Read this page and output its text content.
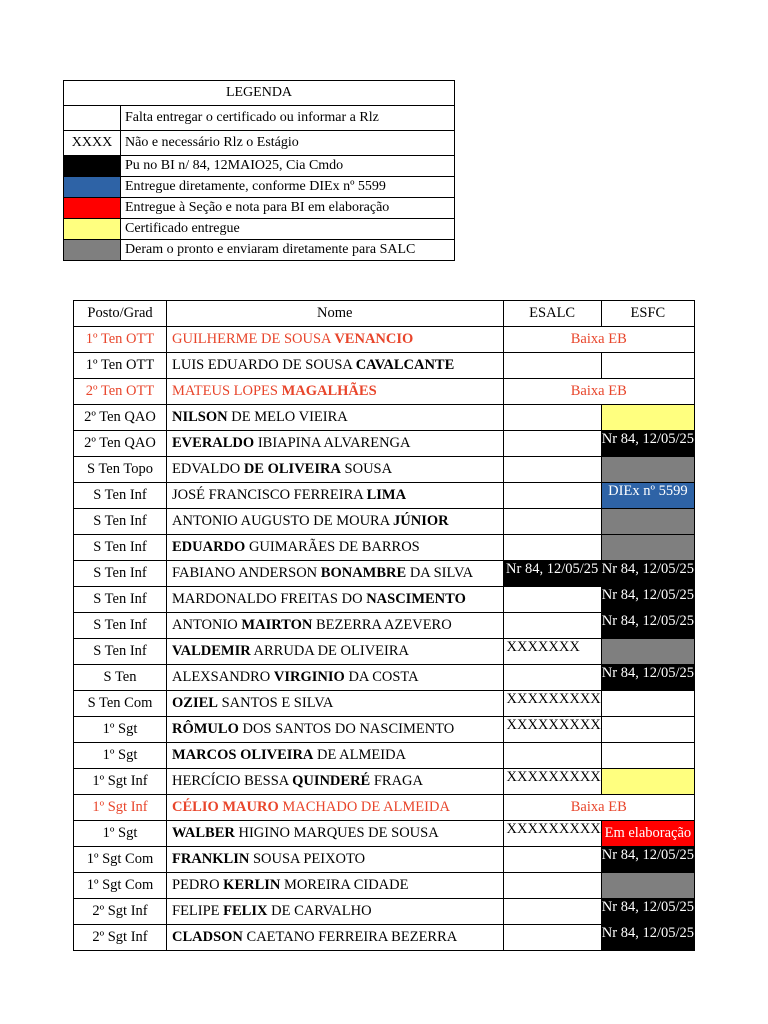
LEGENDA	
	Falta entregar o certificado ou informar a Rlz
XXXX	Não e necessário Rlz o Estágio
	Pu no BI n/ 84, 12MAIO25, Cia Cmdo
	Entregue diretamente, conforme DIEx nº 5599
	Entregue à Seção e nota para BI em elaboração
	Certificado entregue
	Deram o pronto e enviaram diretamente para SALC
Posto/Grad	Nome	ESALC	ESFC
1º Ten OTT	GUILHERME DE SOUSA VENANCIO	Baixa EB	
1º Ten OTT	LUIS EDUARDO DE SOUSA CAVALCANTE		
2º Ten OTT	MATEUS LOPES MAGALHÃES	Baixa EB	
2º Ten QAO	NILSON DE MELO VIEIRA		
2º Ten QAO	EVERALDO IBIAPINA ALVARENGA		Nr 84, 12/05/25
S Ten Topo	EDVALDO DE OLIVEIRA SOUSA		
S Ten Inf	JOSÉ FRANCISCO FERREIRA LIMA		DIEx nº 5599
S Ten Inf	ANTONIO AUGUSTO DE MOURA JÚNIOR		
S Ten Inf	EDUARDO GUIMARÃES DE BARROS		
S Ten Inf	FABIANO ANDERSON BONAMBRE DA SILVA	Nr 84, 12/05/25	Nr 84, 12/05/25
S Ten Inf	MARDONALDO FREITAS DO NASCIMENTO		Nr 84, 12/05/25
S Ten Inf	ANTONIO MAIRTON BEZERRA AZEVERO		Nr 84, 12/05/25
S Ten Inf	VALDEMIR ARRUDA DE OLIVEIRA	XXXXXXX	
S Ten	ALEXSANDRO VIRGINIO DA COSTA		Nr 84, 12/05/25
S Ten Com	OZIEL SANTOS E SILVA	XXXXXXXXX	
1º Sgt	RÔMULO DOS SANTOS DO NASCIMENTO	XXXXXXXXX	
1º Sgt	MARCOS OLIVEIRA DE ALMEIDA		
1º Sgt Inf	HERCÍCIO BESSA QUINDERÉ FRAGA	XXXXXXXXX	
1º Sgt Inf	CÉLIO MAURO MACHADO DE ALMEIDA	Baixa EB	
1º Sgt	WALBER HIGINO MARQUES DE SOUSA	XXXXXXXXX	Em elaboração
1º Sgt Com	FRANKLIN SOUSA PEIXOTO		Nr 84, 12/05/25
1º Sgt Com	PEDRO KERLIN MOREIRA CIDADE		
2º Sgt Inf	FELIPE FELIX DE CARVALHO		Nr 84, 12/05/25
2º Sgt Inf	CLADSON CAETANO FERREIRA BEZERRA		Nr 84, 12/05/25
